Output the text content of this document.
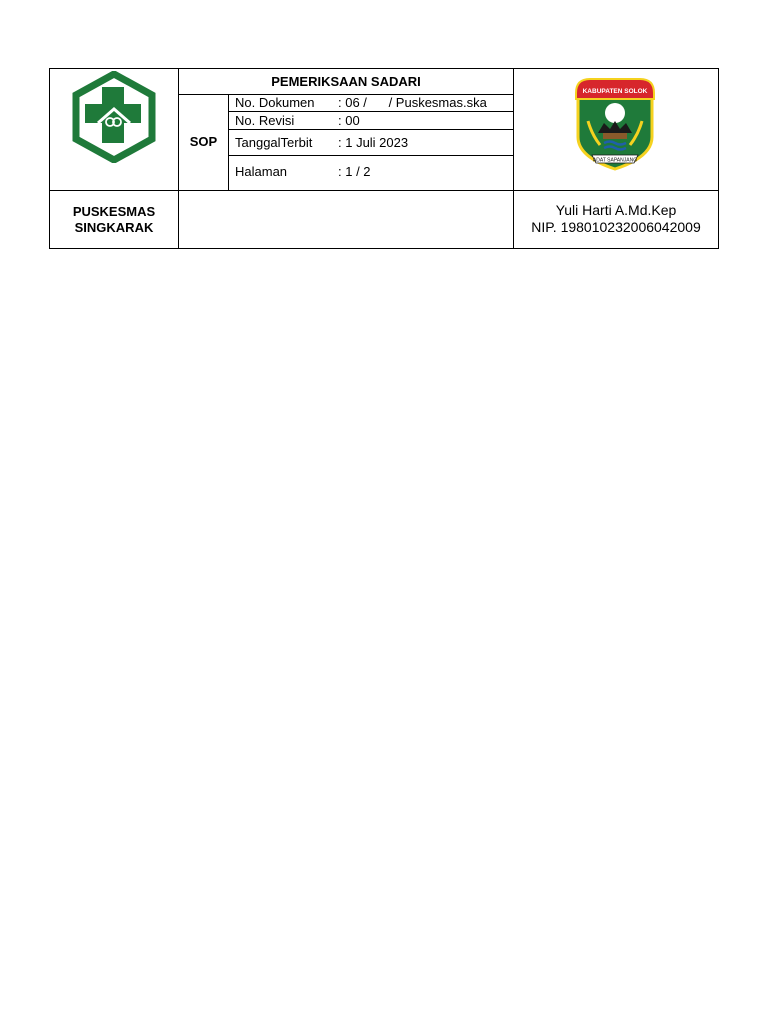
PEMERIKSAAN SADARI
SOP
No. Dokumen : 06 /      / Puskesmas.ska
No. Revisi	: 00
TanggalTerbit : 1 Juli 2023
Halaman	: 1 / 2
KABUPATEN SOLOK
ADAT SAPANJANG
PUSKESMAS
SINGKARAK
Yuli Harti A.Md.Kep
NIP. 198010232006042009
